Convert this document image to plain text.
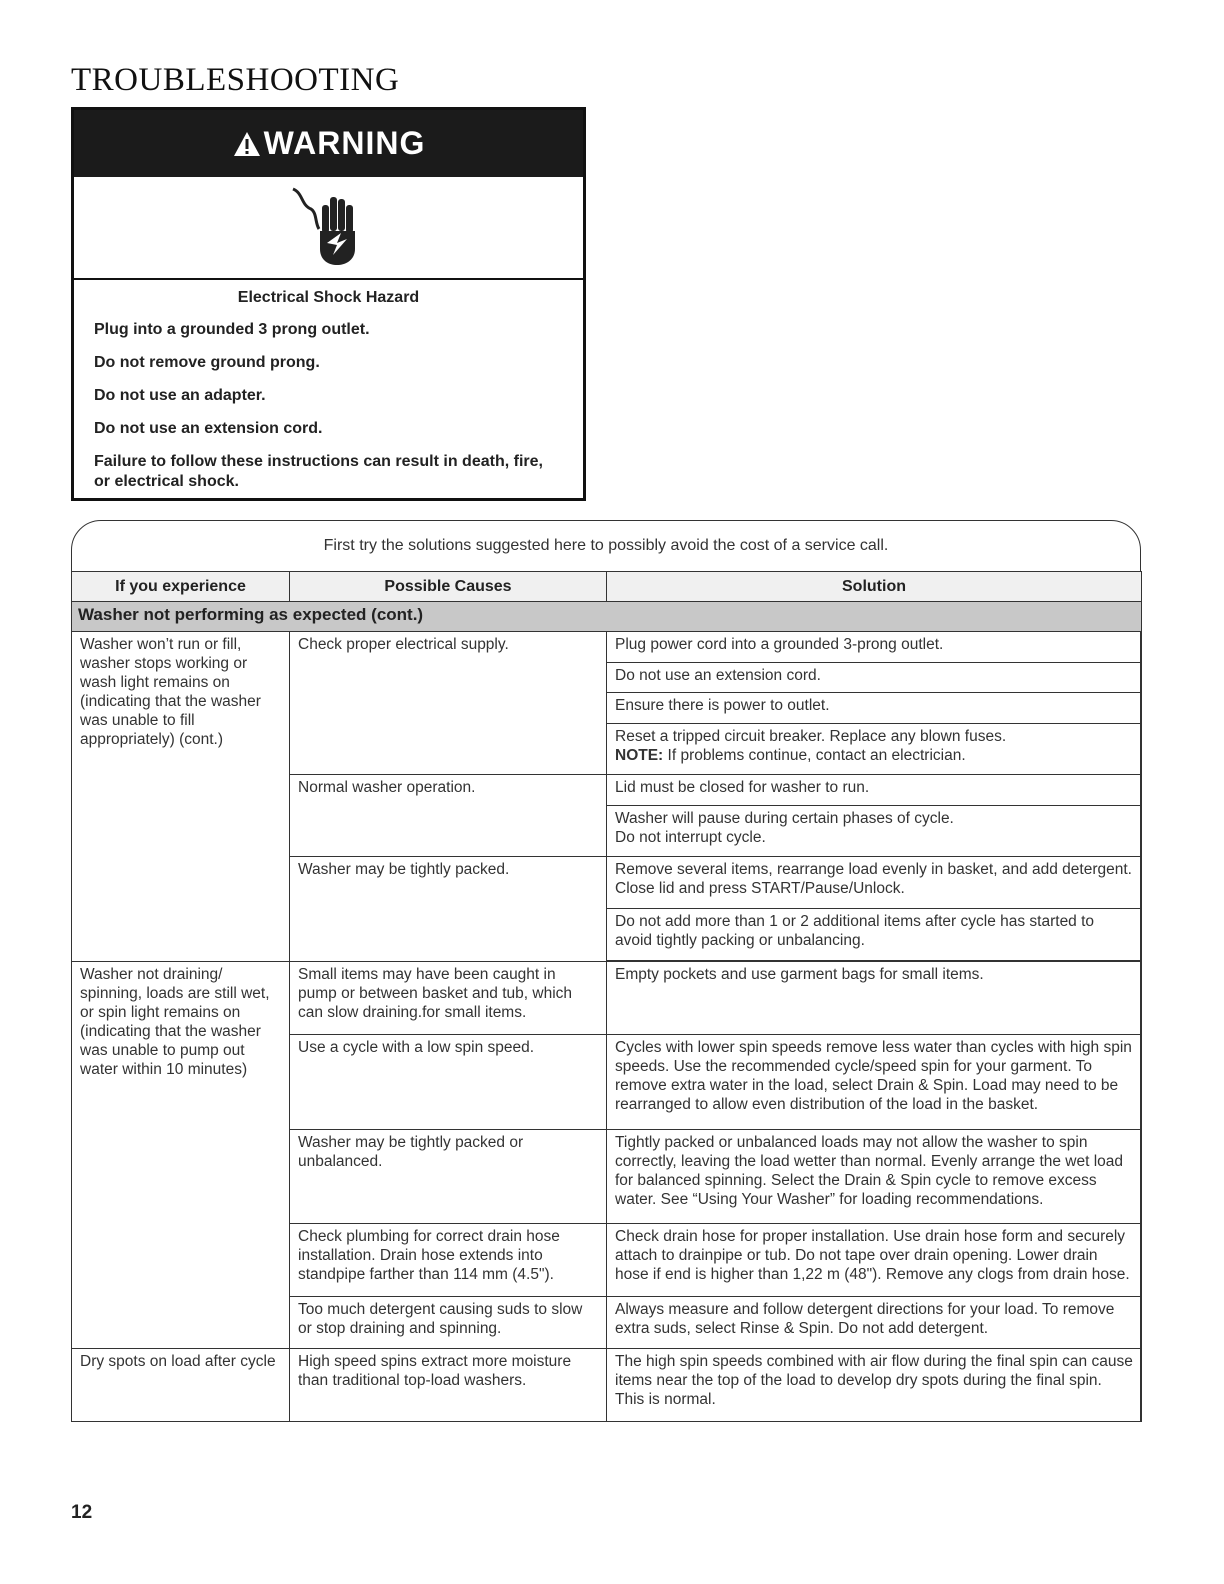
TROUBLESHOOTING
WARNING
Electrical Shock Hazard
Plug into a grounded 3 prong outlet.
Do not remove ground prong.
Do not use an adapter.
Do not use an extension cord.
Failure to follow these instructions can result in death, fire, or electrical shock.
First try the solutions suggested here to possibly avoid the cost of a service call.
If you experience	Possible Causes	Solution
Washer not performing as expected (cont.)		
Washer won’t run or fill, washer stops working or wash light remains on (indicating that the washer was unable to fill appropriately) (cont.)	Check proper electrical supply.	Plug power cord into a grounded 3-prong outlet.
		Do not use an extension cord.
		Ensure there is power to outlet.

		Reset a tripped circuit breaker. Replace any blown fuses.
NOTE: If problems continue, contact an electrician.

	Normal washer operation.	Lid must be closed for washer to run.

		Washer will pause during certain phases of cycle.
Do not interrupt cycle.

	Washer may be tightly packed.	Remove several items, rearrange load evenly in basket, and add detergent. Close lid and press START/Pause/Unlock.
		Do not add more than 1 or 2 additional items after cycle has started to avoid tightly packing or unbalancing.

Washer not draining/ spinning, loads are still wet, or spin light remains on (indicating that the washer was unable to pump out water within 10 minutes)	Small items may have been caught in pump or between basket and tub, which can slow draining.for small items.	Empty pockets and use garment bags for small items.
	Use a cycle with a low spin speed.	Cycles with lower spin speeds remove less water than cycles with high spin speeds. Use the recommended cycle/speed spin for your garment. To remove extra water in the load, select Drain & Spin. Load may need to be rearranged to allow even distribution of the load in the basket.
	Washer may be tightly packed or unbalanced.	Tightly packed or unbalanced loads may not allow the washer to spin correctly, leaving the load wetter than normal. Evenly arrange the wet load for balanced spinning. Select the Drain & Spin cycle to remove excess water. See “Using Your Washer” for loading recommendations.
	Check plumbing for correct drain hose installation. Drain hose extends into standpipe farther than 114 mm (4.5").	Check drain hose for proper installation. Use drain hose form and securely attach to drainpipe or tub. Do not tape over drain opening. Lower drain hose if end is higher than 1,22 m (48"). Remove any clogs from drain hose.
	Too much detergent causing suds to slow or stop draining and spinning.	Always measure and follow detergent directions for your load. To remove extra suds, select Rinse & Spin. Do not add detergent.
Dry spots on load after cycle	High speed spins extract more moisture than traditional top-load washers.	The high spin speeds combined with air flow during the final spin can cause items near the top of the load to develop dry spots during the final spin. This is normal.
12
